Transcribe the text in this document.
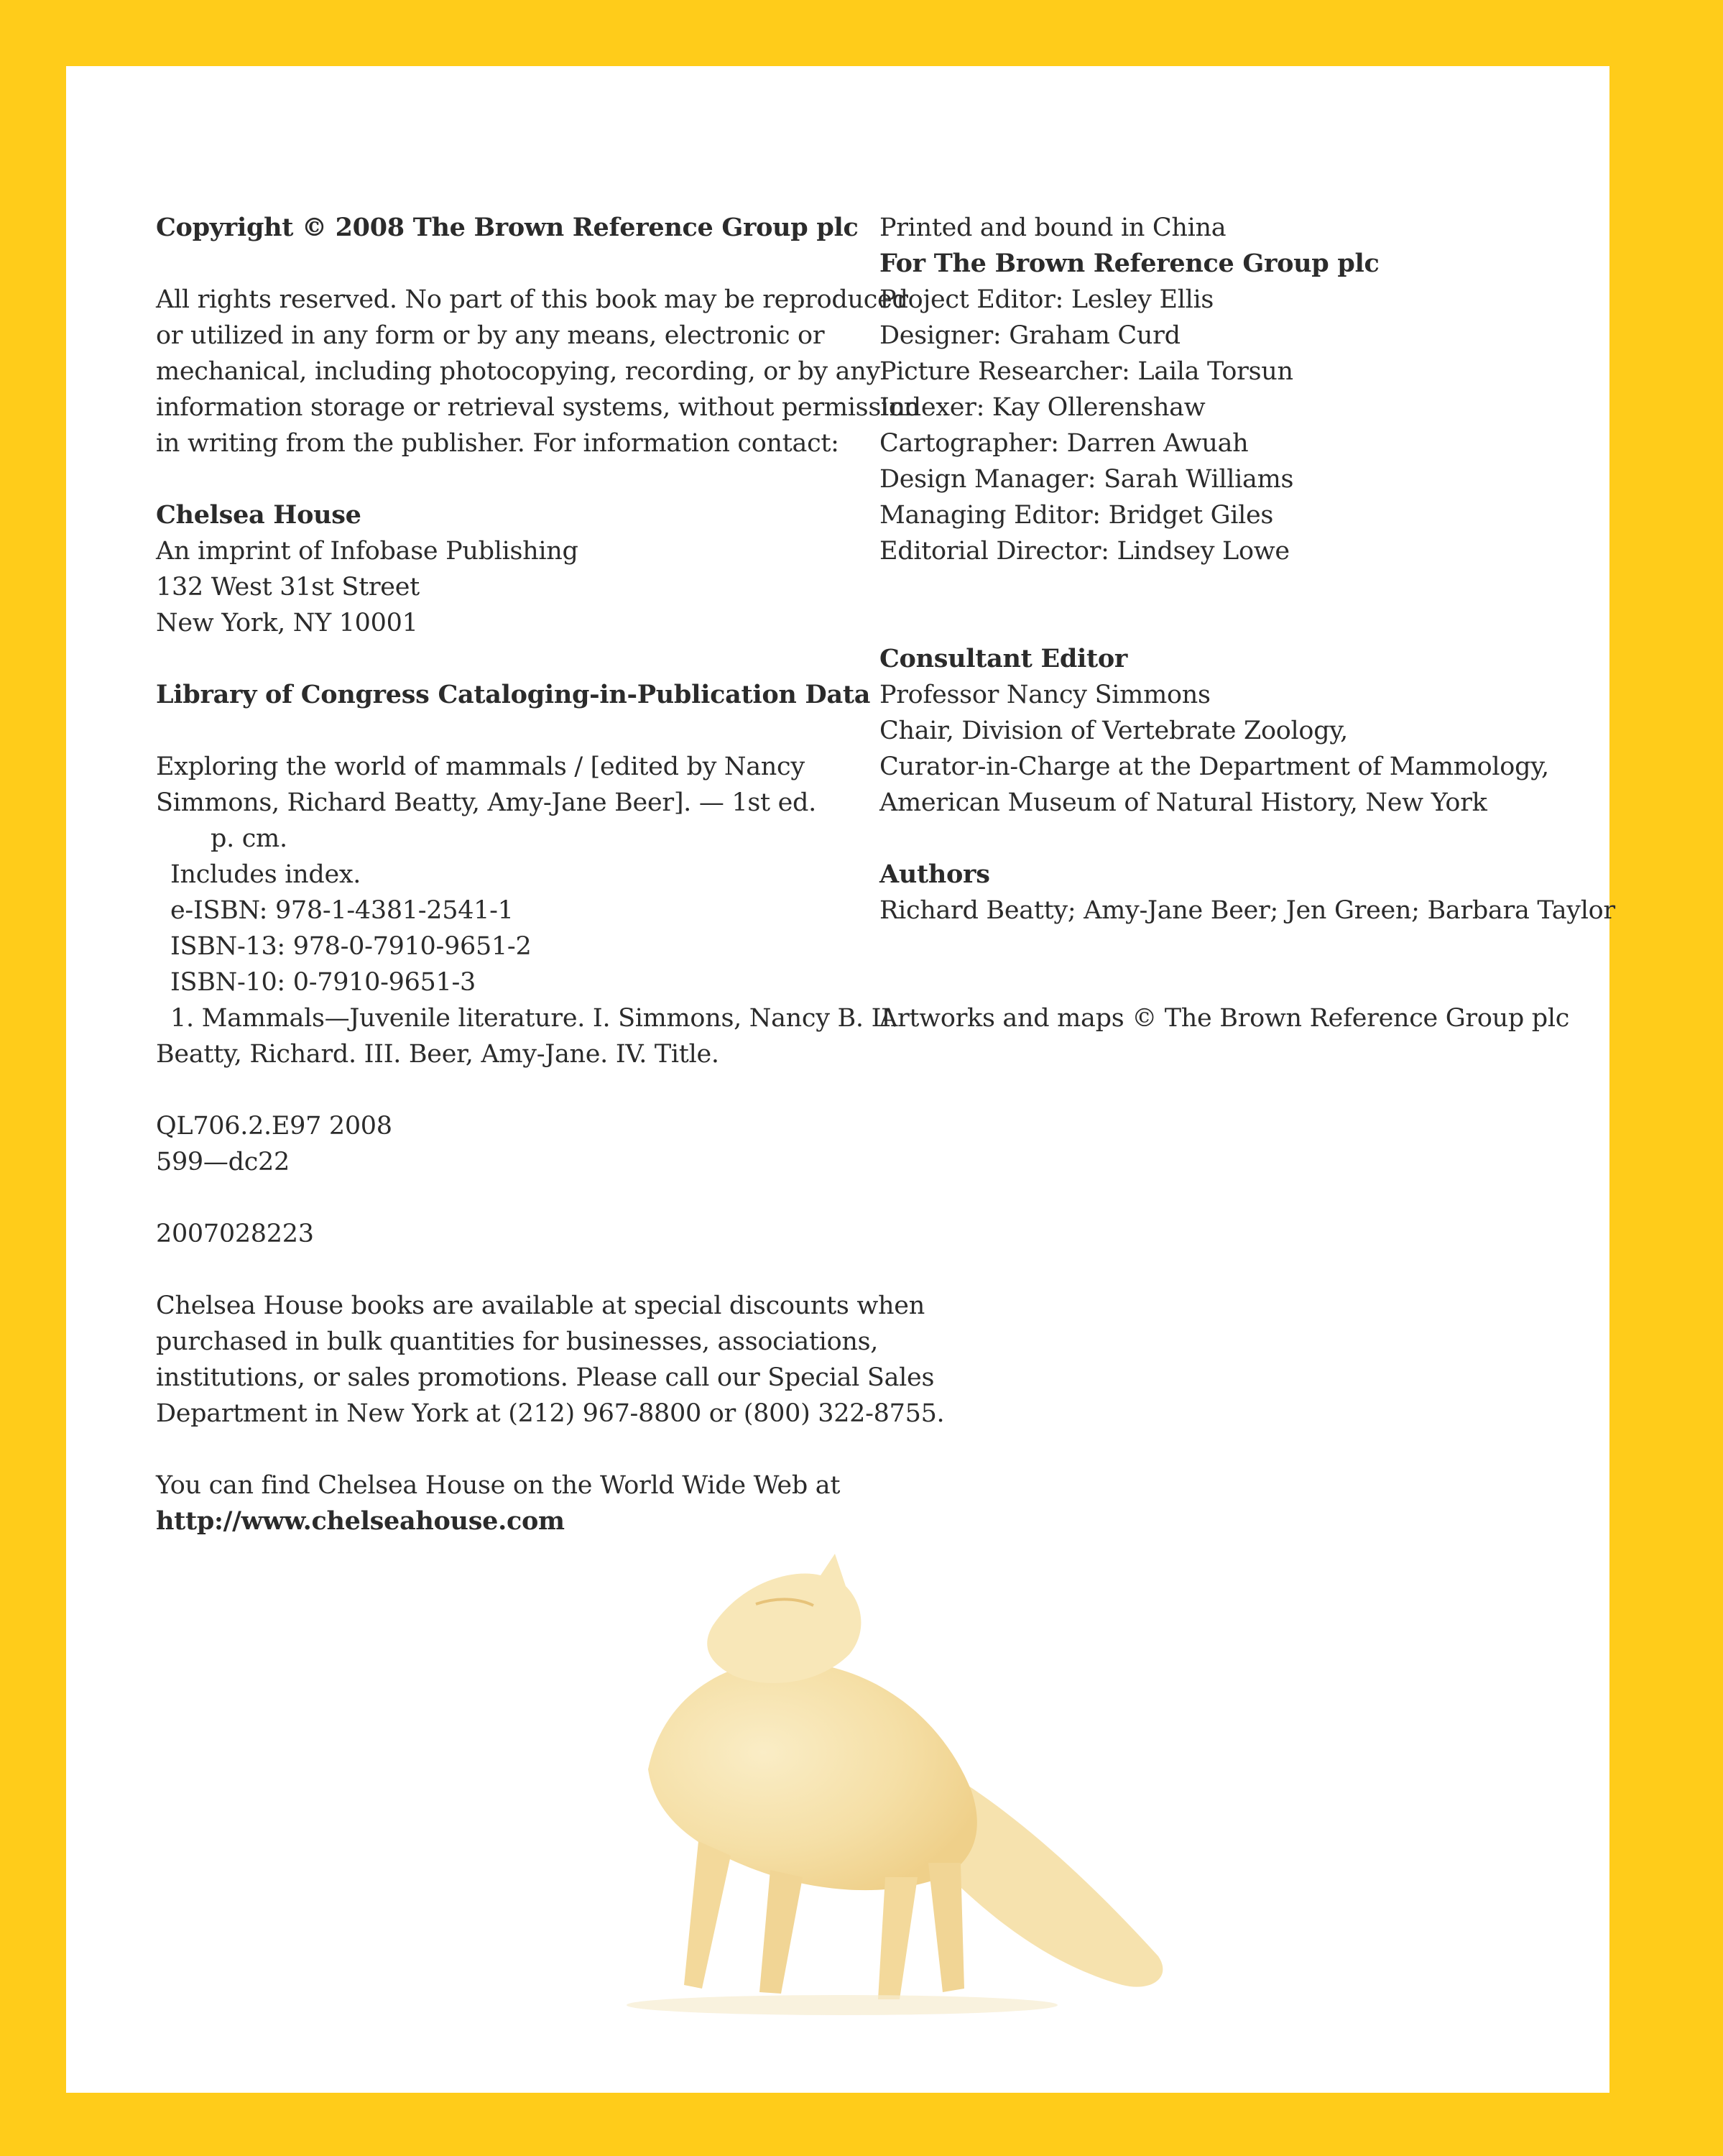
Copyright © 2008 The Brown Reference Group plc
All rights reserved. No part of this book may be reproduced
or utilized in any form or by any means, electronic or
mechanical, including photocopying, recording, or by any
information storage or retrieval systems, without permission
in writing from the publisher. For information contact:
Chelsea House
An imprint of Infobase Publishing
132 West 31st Street
New York, NY 10001
Library of Congress Cataloging-in-Publication Data
Exploring the world of mammals / [edited by Nancy
Simmons, Richard Beatty, Amy-Jane Beer]. — 1st ed.
p. cm.
Includes index.
e-ISBN: 978-1-4381-2541-1
ISBN-13: 978-0-7910-9651-2
ISBN-10: 0-7910-9651-3
1. Mammals—Juvenile literature. I. Simmons, Nancy B. II.
Beatty, Richard. III. Beer, Amy-Jane. IV. Title.
QL706.2.E97 2008
599—dc22
2007028223
Chelsea House books are available at special discounts when
purchased in bulk quantities for businesses, associations,
institutions, or sales promotions. Please call our Special Sales
Department in New York at (212) 967-8800 or (800) 322-8755.
You can find Chelsea House on the World Wide Web at
http://www.chelseahouse.com
Printed and bound in China
For The Brown Reference Group plc
Project Editor: Lesley Ellis
Designer: Graham Curd
Picture Researcher: Laila Torsun
Indexer: Kay Ollerenshaw
Cartographer: Darren Awuah
Design Manager: Sarah Williams
Managing Editor: Bridget Giles
Editorial Director: Lindsey Lowe
Consultant Editor
Professor Nancy Simmons
Chair, Division of Vertebrate Zoology,
Curator-in-Charge at the Department of Mammology,
American Museum of Natural History, New York
Authors
Richard Beatty; Amy-Jane Beer; Jen Green; Barbara Taylor
Artworks and maps © The Brown Reference Group plc
